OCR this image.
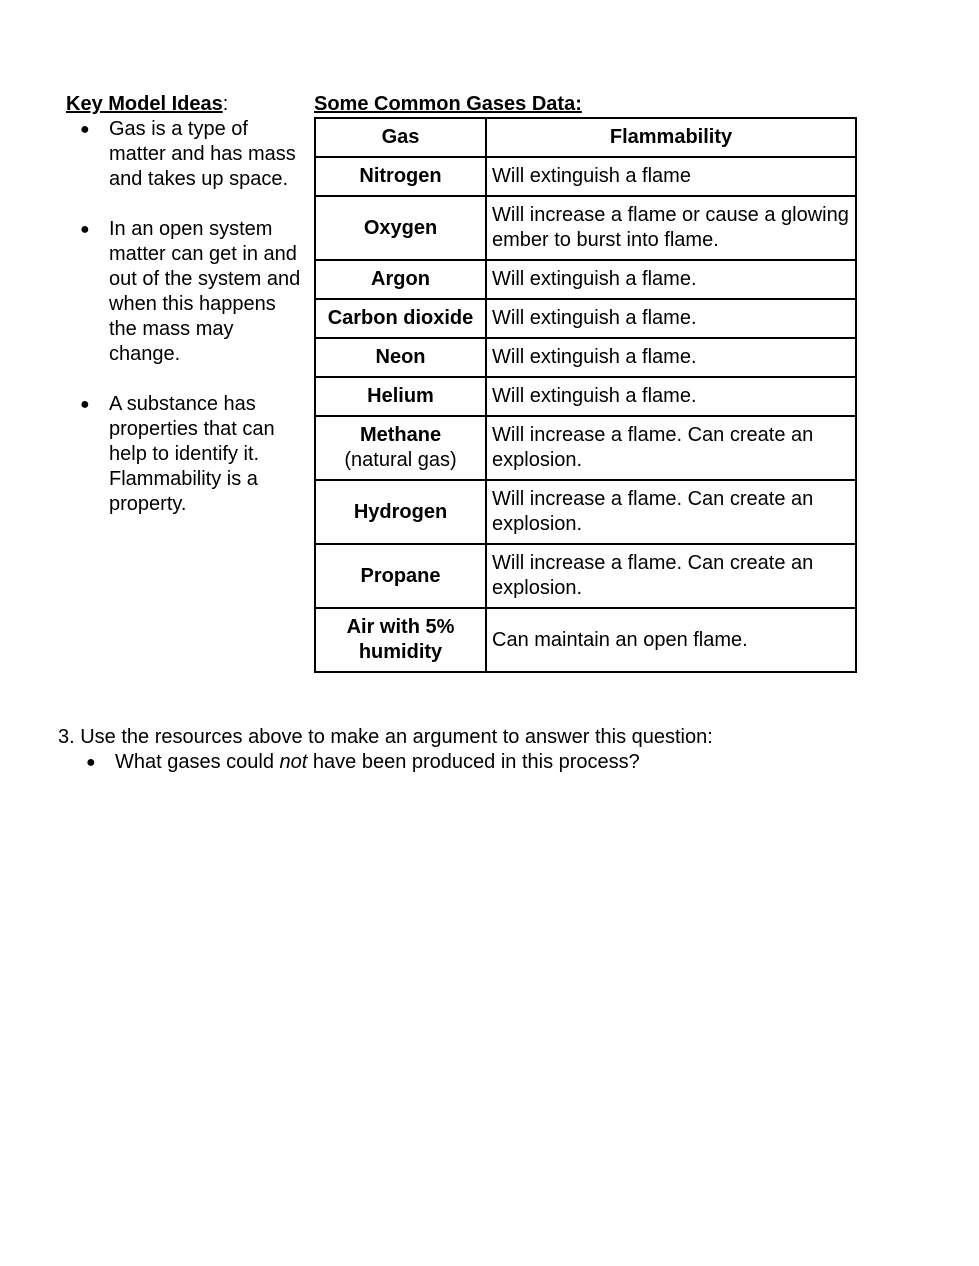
Key Model Ideas:
● Gas is a type of matter and has mass and takes up space.
● In an open system matter can get in and out of the system and when this happens the mass may change.
● A substance has properties that can help to identify it. Flammability is a property.
Some Common Gases Data:
Gas	Flammability
Nitrogen	Will extinguish a flame
Oxygen	Will increase a flame or cause a glowing ember to burst into flame.
Argon	Will extinguish a flame.
Carbon dioxide	Will extinguish a flame.
Neon	Will extinguish a flame.
Helium	Will extinguish a flame.
Methane
(natural gas)	Will increase a flame. Can create an explosion.
Hydrogen	Will increase a flame. Can create an explosion.
Propane	Will increase a flame. Can create an explosion.
Air with 5% humidity	Can maintain an open flame.
3. Use the resources above to make an argument to answer this question:
● What gases could not have been produced in this process?
